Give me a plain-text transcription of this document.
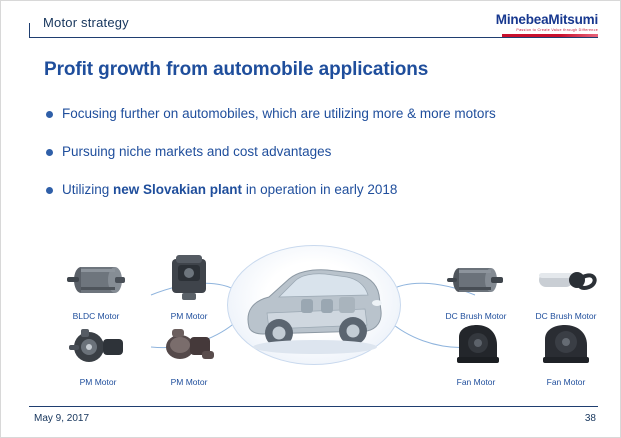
Motor strategy	MinebeaMitsumi
Passion to Create Value through Difference
Profit growth from automobile applications
Focusing further on automobiles, which are utilizing more & more motors
Pursuing niche markets and cost advantages
Utilizing new Slovakian plant in operation in early 2018
BLDC Motor	PM Motor	DC Brush Motor	DC Brush Motor
PM Motor	PM Motor	Fan Motor	Fan Motor
May 9, 2017	38
